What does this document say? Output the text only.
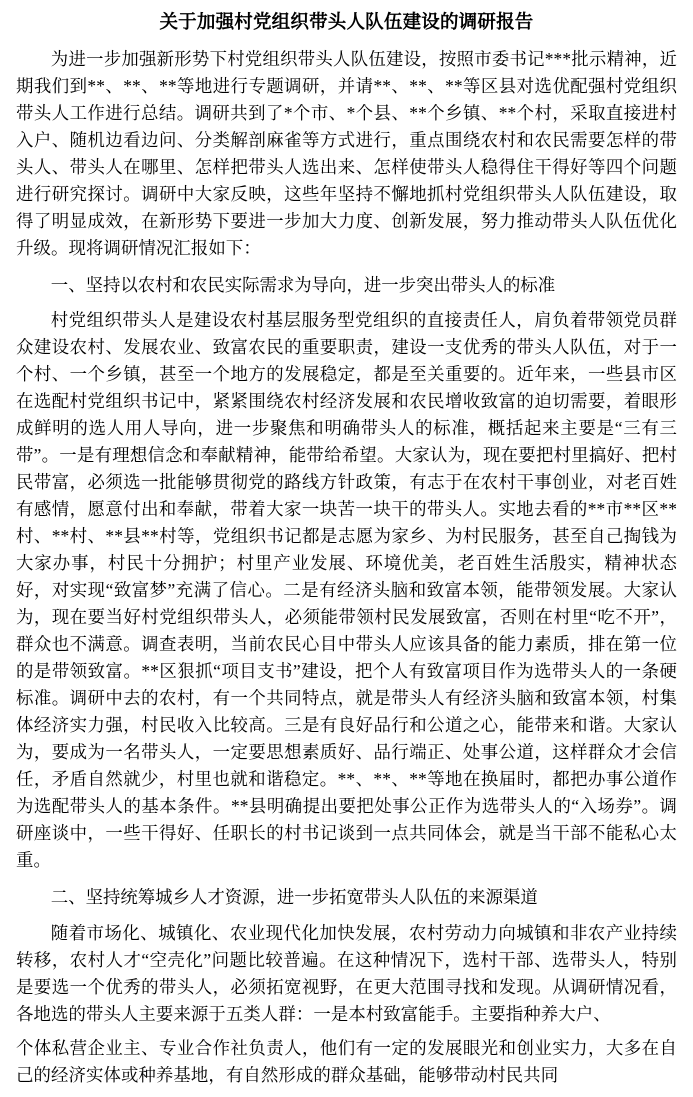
关于加强村党组织带头人队伍建设的调研报告

为进一步加强新形势下村党组织带头人队伍建设，按照市委书记***批示精神，近期我们到**、**、**等地进行专题调研，并请**、**、**等区县对选优配强村党组织带头人工作进行总结。调研共到了*个市、*个县、**个乡镇、**个村，采取直接进村入户、随机边看边问、分类解剖麻雀等方式进行，重点围绕农村和农民需要怎样的带头人、带头人在哪里、怎样把带头人选出来、怎样使带头人稳得住干得好等四个问题进行研究探讨。调研中大家反映，这些年坚持不懈地抓村党组织带头人队伍建设，取得了明显成效，在新形势下要进一步加大力度、创新发展，努力推动带头人队伍优化升级。现将调研情况汇报如下：

一、坚持以农村和农民实际需求为导向，进一步突出带头人的标准

村党组织带头人是建设农村基层服务型党组织的直接责任人，肩负着带领党员群众建设农村、发展农业、致富农民的重要职责，建设一支优秀的带头人队伍，对于一个村、一个乡镇，甚至一个地方的发展稳定，都是至关重要的。近年来，一些县市区在选配村党组织书记中，紧紧围绕农村经济发展和农民增收致富的迫切需要，着眼形成鲜明的选人用人导向，进一步聚焦和明确带头人的标准，概括起来主要是“三有三带”。一是有理想信念和奉献精神，能带给希望。大家认为，现在要把村里搞好、把村民带富，必须选一批能够贯彻党的路线方针政策，有志于在农村干事创业，对老百姓有感情，愿意付出和奉献，带着大家一块苦一块干的带头人。实地去看的**市**区**村、**村、**县**村等，党组织书记都是志愿为家乡、为村民服务，甚至自己掏钱为大家办事，村民十分拥护；村里产业发展、环境优美，老百姓生活殷实，精神状态好，对实现“致富梦”充满了信心。二是有经济头脑和致富本领，能带领发展。大家认为，现在要当好村党组织带头人，必须能带领村民发展致富，否则在村里“吃不开”，群众也不满意。调查表明，当前农民心目中带头人应该具备的能力素质，排在第一位的是带领致富。**区狠抓“项目支书”建设，把个人有致富项目作为选带头人的一条硬标准。调研中去的农村，有一个共同特点，就是带头人有经济头脑和致富本领，村集体经济实力强，村民收入比较高。三是有良好品行和公道之心，能带来和谐。大家认为，要成为一名带头人，一定要思想素质好、品行端正、处事公道，这样群众才会信任，矛盾自然就少，村里也就和谐稳定。**、**、**等地在换届时，都把办事公道作为选配带头人的基本条件。**县明确提出要把处事公正作为选带头人的“入场券”。调研座谈中，一些干得好、任职长的村书记谈到一点共同体会，就是当干部不能私心太重。

二、坚持统筹城乡人才资源，进一步拓宽带头人队伍的来源渠道

随着市场化、城镇化、农业现代化加快发展，农村劳动力向城镇和非农产业持续转移，农村人才“空壳化”问题比较普遍。在这种情况下，选村干部、选带头人，特别是要选一个优秀的带头人，必须拓宽视野，在更大范围寻找和发现。从调研情况看，各地选的带头人主要来源于五类人群：一是本村致富能手。主要指种养大户、

个体私营企业主、专业合作社负责人，他们有一定的发展眼光和创业实力，大多在自己的经济实体或种养基地，有自然形成的群众基础，能够带动村民共同
